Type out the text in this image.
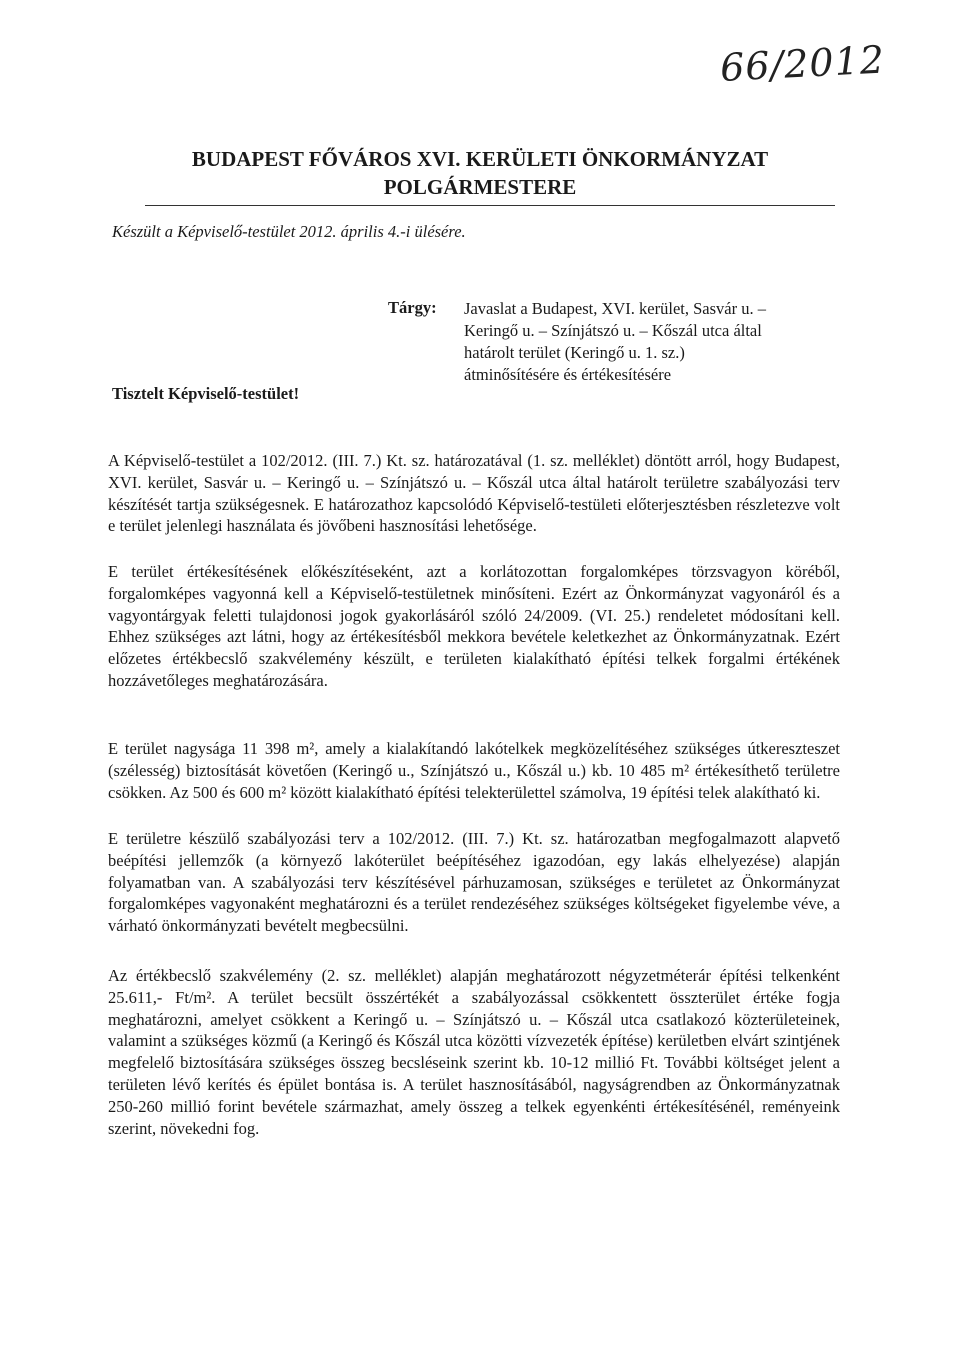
66/2012
BUDAPEST FŐVÁROS XVI. KERÜLETI ÖNKORMÁNYZAT
POLGÁRMESTERE
Készült a Képviselő-testület 2012. április 4.-i ülésére.
Tárgy: Javaslat a Budapest, XVI. kerület, Sasvár u. –
Keringő u. – Színjátszó u. – Kőszál utca által
határolt terület (Keringő u. 1. sz.)
átminősítésére és értékesítésére
Tisztelt Képviselő-testület!

A Képviselő-testület a 102/2012. (III. 7.) Kt. sz. határozatával (1. sz. melléklet) döntött arról, hogy Budapest, XVI. kerület, Sasvár u. – Keringő u. – Színjátszó u. – Kőszál utca által határolt területre szabályozási terv készítését tartja szükségesnek. E határozathoz kapcsolódó Képviselő-testületi előterjesztésben részletezve volt e terület jelenlegi használata és jövőbeni hasznosítási lehetősége.

E terület értékesítésének előkészítéseként, azt a korlátozottan forgalomképes törzsvagyon köréből, forgalomképes vagyonná kell a Képviselő-testületnek minősíteni. Ezért az Önkormányzat vagyonáról és a vagyontárgyak feletti tulajdonosi jogok gyakorlásáról szóló 24/2009. (VI. 25.) rendeletet módosítani kell. Ehhez szükséges azt látni, hogy az értékesítésből mekkora bevétele keletkezhet az Önkormányzatnak. Ezért előzetes értékbecslő szakvélemény készült, e területen kialakítható építési telkek forgalmi értékének hozzávetőleges meghatározására.

E terület nagysága 11 398 m², amely a kialakítandó lakótelkek megközelítéséhez szükséges útkereszteszet (szélesség) biztosítását követően (Keringő u., Színjátszó u., Kőszál u.) kb. 10 485 m² értékesíthető területre csökken. Az 500 és 600 m² között kialakítható építési telekterülettel számolva, 19 építési telek alakítható ki.

E területre készülő szabályozási terv a 102/2012. (III. 7.) Kt. sz. határozatban megfogalmazott alapvető beépítési jellemzők (a környező lakóterület beépítéséhez igazodóan, egy lakás elhelyezése) alapján folyamatban van. A szabályozási terv készítésével párhuzamosan, szükséges e területet az Önkormányzat forgalomképes vagyonaként meghatározni és a terület rendezéséhez szükséges költségeket figyelembe véve, a várható önkormányzati bevételt megbecsülni.

Az értékbecslő szakvélemény (2. sz. melléklet) alapján meghatározott négyzetméterár építési telkenként 25.611,- Ft/m². A terület becsült összértékét a szabályozással csökkentett összterület értéke fogja meghatározni, amelyet csökkent a Keringő u. – Színjátszó u. – Kőszál utca csatlakozó közterületeinek, valamint a szükséges közmű (a Keringő és Kőszál utca közötti vízvezeték építése) kerületben elvárt szintjének megfelelő biztosítására szükséges összeg becsléseink szerint kb. 10-12 millió Ft. További költséget jelent a területen lévő kerítés és épület bontása is. A terület hasznosításából, nagyságrendben az Önkormányzatnak 250-260 millió forint bevétele származhat, amely összeg a telkek egyenkénti értékesítésénél, reményeink szerint, növekedni fog.
